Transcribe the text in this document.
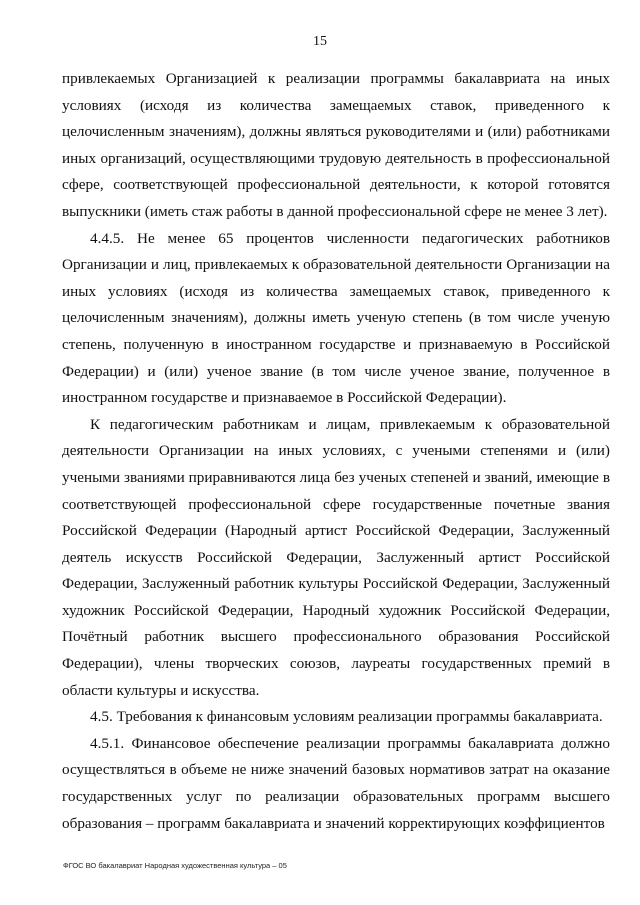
15

привлекаемых Организацией к реализации программы бакалавриата на иных условиях (исходя из количества замещаемых ставок, приведенного к целочисленным значениям), должны являться руководителями и (или) работниками иных организаций, осуществляющими трудовую деятельность в профессиональной сфере, соответствующей профессиональной деятельности, к которой готовятся выпускники (иметь стаж работы в данной профессиональной сфере не менее 3 лет).

4.4.5. Не менее 65 процентов численности педагогических работников Организации и лиц, привлекаемых к образовательной деятельности Организации на иных условиях (исходя из количества замещаемых ставок, приведенного к целочисленным значениям), должны иметь ученую степень (в том числе ученую степень, полученную в иностранном государстве и признаваемую в Российской Федерации) и (или) ученое звание (в том числе ученое звание, полученное в иностранном государстве и признаваемое в Российской Федерации).

К педагогическим работникам и лицам, привлекаемым к образовательной деятельности Организации на иных условиях, с учеными степенями и (или) учеными званиями приравниваются лица без ученых степеней и званий, имеющие в соответствующей профессиональной сфере государственные почетные звания Российской Федерации (Народный артист Российской Федерации, Заслуженный деятель искусств Российской Федерации, Заслуженный артист Российской Федерации, Заслуженный работник культуры Российской Федерации, Заслуженный художник Российской Федерации, Народный художник Российской Федерации, Почётный работник высшего профессионального образования Российской Федерации), члены творческих союзов, лауреаты государственных премий в области культуры и искусства.

4.5. Требования к финансовым условиям реализации программы бакалавриата.

4.5.1. Финансовое обеспечение реализации программы бакалавриата должно осуществляться в объеме не ниже значений базовых нормативов затрат на оказание государственных услуг по реализации образовательных программ высшего образования – программ бакалавриата и значений корректирующих коэффициентов

ФГОС ВО бакалавриат Народная художественная культура – 05
